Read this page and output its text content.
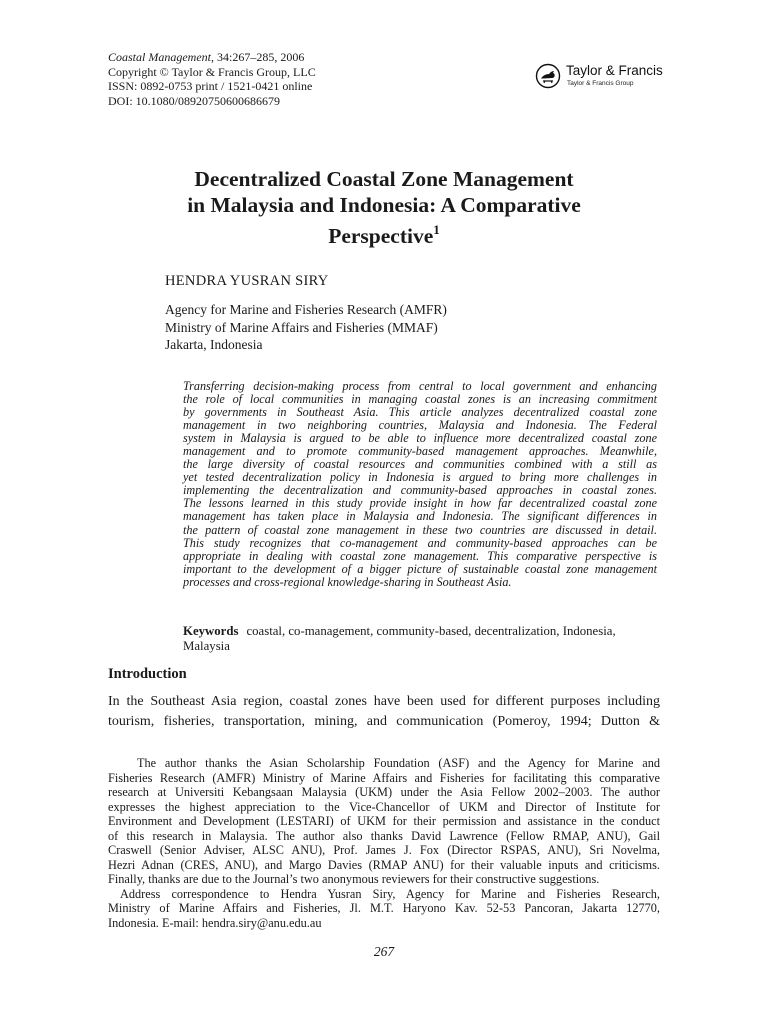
Coastal Management, 34:267–285, 2006
Copyright © Taylor & Francis Group, LLC
ISSN: 0892-0753 print / 1521-0421 online
DOI: 10.1080/08920750600686679
Taylor & Francis
Taylor & Francis Group
Decentralized Coastal Zone Management
in Malaysia and Indonesia: A Comparative
Perspective$^1$
HENDRA YUSRAN SIRY
Agency for Marine and Fisheries Research (AMFR)
Ministry of Marine Affairs and Fisheries (MMAF)
Jakarta, Indonesia
Transferring decision-making process from central to local government and enhancing
the role of local communities in managing coastal zones is an increasing commitment
by governments in Southeast Asia. This article analyzes decentralized coastal zone
management in two neighboring countries, Malaysia and Indonesia. The Federal
system in Malaysia is argued to be able to influence more decentralized coastal zone
management and to promote community-based management approaches. Meanwhile,
the large diversity of coastal resources and communities combined with a still as
yet tested decentralization policy in Indonesia is argued to bring more challenges in
implementing the decentralization and community-based approaches in coastal zones.
The lessons learned in this study provide insight in how far decentralized coastal zone
management has taken place in Malaysia and Indonesia. The significant differences in
the pattern of coastal zone management in these two countries are discussed in detail.
This study recognizes that co-management and community-based approaches can be
appropriate in dealing with coastal zone management. This comparative perspective is
important to the development of a bigger picture of sustainable coastal zone management
processes and cross-regional knowledge-sharing in Southeast Asia.
Keywords coastal, co-management, community-based, decentralization, Indonesia,
Malaysia
Introduction
In the Southeast Asia region, coastal zones have been used for different purposes including
tourism, fisheries, transportation, mining, and communication (Pomeroy, 1994; Dutton &
The author thanks the Asian Scholarship Foundation (ASF) and the Agency for Marine and
Fisheries Research (AMFR) Ministry of Marine Affairs and Fisheries for facilitating this comparative
research at Universiti Kebangsaan Malaysia (UKM) under the Asia Fellow 2002–2003. The author
expresses the highest appreciation to the Vice-Chancellor of UKM and Director of Institute for
Environment and Development (LESTARI) of UKM for their permission and assistance in the conduct
of this research in Malaysia. The author also thanks David Lawrence (Fellow RMAP, ANU), Gail
Craswell (Senior Adviser, ALSC ANU), Prof. James J. Fox (Director RSPAS, ANU), Sri Novelma,
Hezri Adnan (CRES, ANU), and Margo Davies (RMAP ANU) for their valuable inputs and criticisms.
Finally, thanks are due to the Journal’s two anonymous reviewers for their constructive suggestions.
Address correspondence to Hendra Yusran Siry, Agency for Marine and Fisheries Research,
Ministry of Marine Affairs and Fisheries, Jl. M.T. Haryono Kav. 52-53 Pancoran, Jakarta 12770,
Indonesia. E-mail: hendra.siry@anu.edu.au
267
